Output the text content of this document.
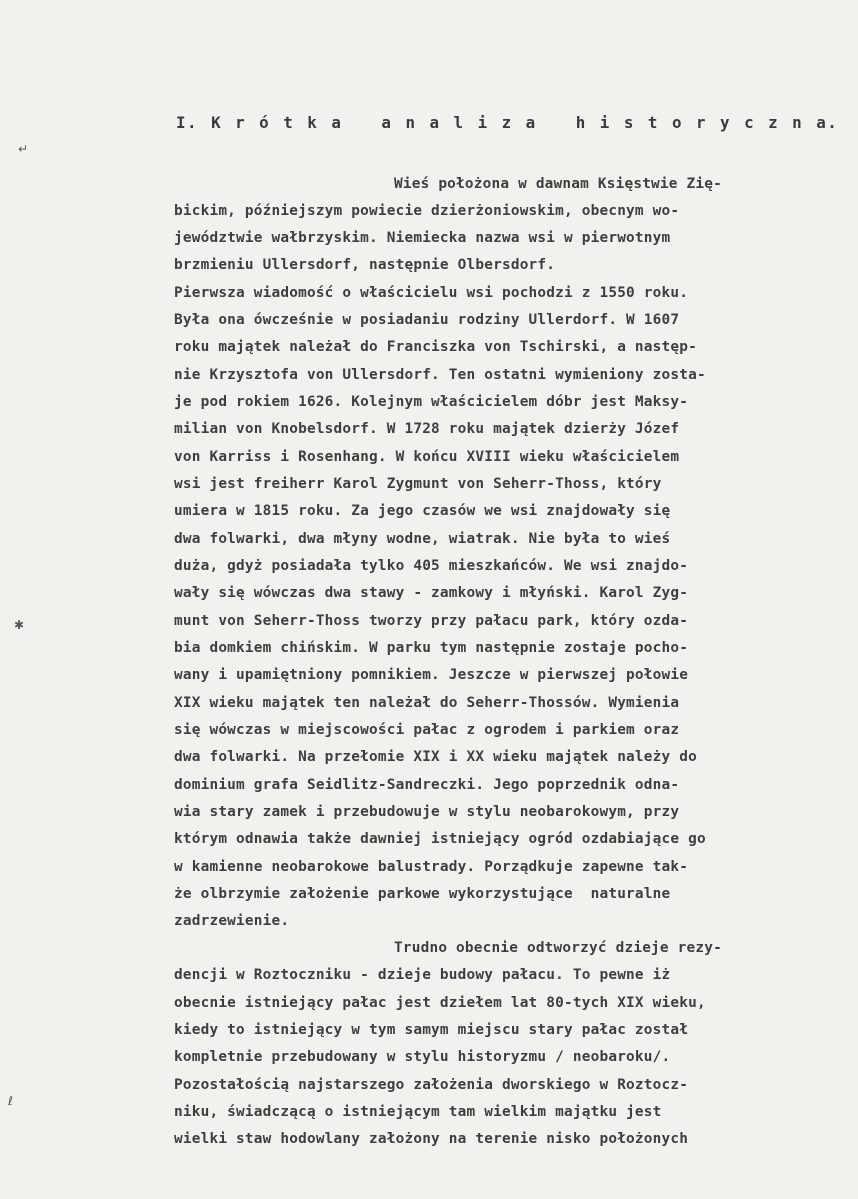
↵
✱
ℓ
I. K r ó t k a   a n a l i z a   h i s t o r y c z n a.
Wieś położona w dawnam Księstwie Zię-
bickim, późniejszym powiecie dzierżoniowskim, obecnym wo-
jewództwie wałbrzyskim. Niemiecka nazwa wsi w pierwotnym
brzmieniu Ullersdorf, następnie Olbersdorf.
Pierwsza wiadomość o właścicielu wsi pochodzi z 1550 roku.
Była ona ówcześnie w posiadaniu rodziny Ullerdorf. W 1607
roku majątek należał do Franciszka von Tschirski, a następ-
nie Krzysztofa von Ullersdorf. Ten ostatni wymieniony zosta-
je pod rokiem 1626. Kolejnym właścicielem dóbr jest Maksy-
milian von Knobelsdorf. W 1728 roku majątek dzierży Józef
von Karriss i Rosenhang. W końcu XVIII wieku właścicielem
wsi jest freiherr Karol Zygmunt von Seherr-Thoss, który
umiera w 1815 roku. Za jego czasów we wsi znajdowały się
dwa folwarki, dwa młyny wodne, wiatrak. Nie była to wieś
duża, gdyż posiadała tylko 405 mieszkańców. We wsi znajdo-
wały się wówczas dwa stawy - zamkowy i młyński. Karol Zyg-
munt von Seherr-Thoss tworzy przy pałacu park, który ozda-
bia domkiem chińskim. W parku tym następnie zostaje pocho-
wany i upamiętniony pomnikiem. Jeszcze w pierwszej połowie
XIX wieku majątek ten należał do Seherr-Thossów. Wymienia
się wówczas w miejscowości pałac z ogrodem i parkiem oraz
dwa folwarki. Na przełomie XIX i XX wieku majątek należy do
dominium grafa Seidlitz-Sandreczki. Jego poprzednik odna-
wia stary zamek i przebudowuje w stylu neobarokowym, przy
którym odnawia także dawniej istniejący ogród ozdabiające go
w kamienne neobarokowe balustrady. Porządkuje zapewne tak-
że olbrzymie założenie parkowe wykorzystujące  naturalne
zadrzewienie.
Trudno obecnie odtworzyć dzieje rezy-
dencji w Roztoczniku - dzieje budowy pałacu. To pewne iż
obecnie istniejący pałac jest dziełem lat 80-tych XIX wieku,
kiedy to istniejący w tym samym miejscu stary pałac został
kompletnie przebudowany w stylu historyzmu / neobaroku/.
Pozostałością najstarszego założenia dworskiego w Roztocz-
niku, świadczącą o istniejącym tam wielkim majątku jest
wielki staw hodowlany założony na terenie nisko położonych
